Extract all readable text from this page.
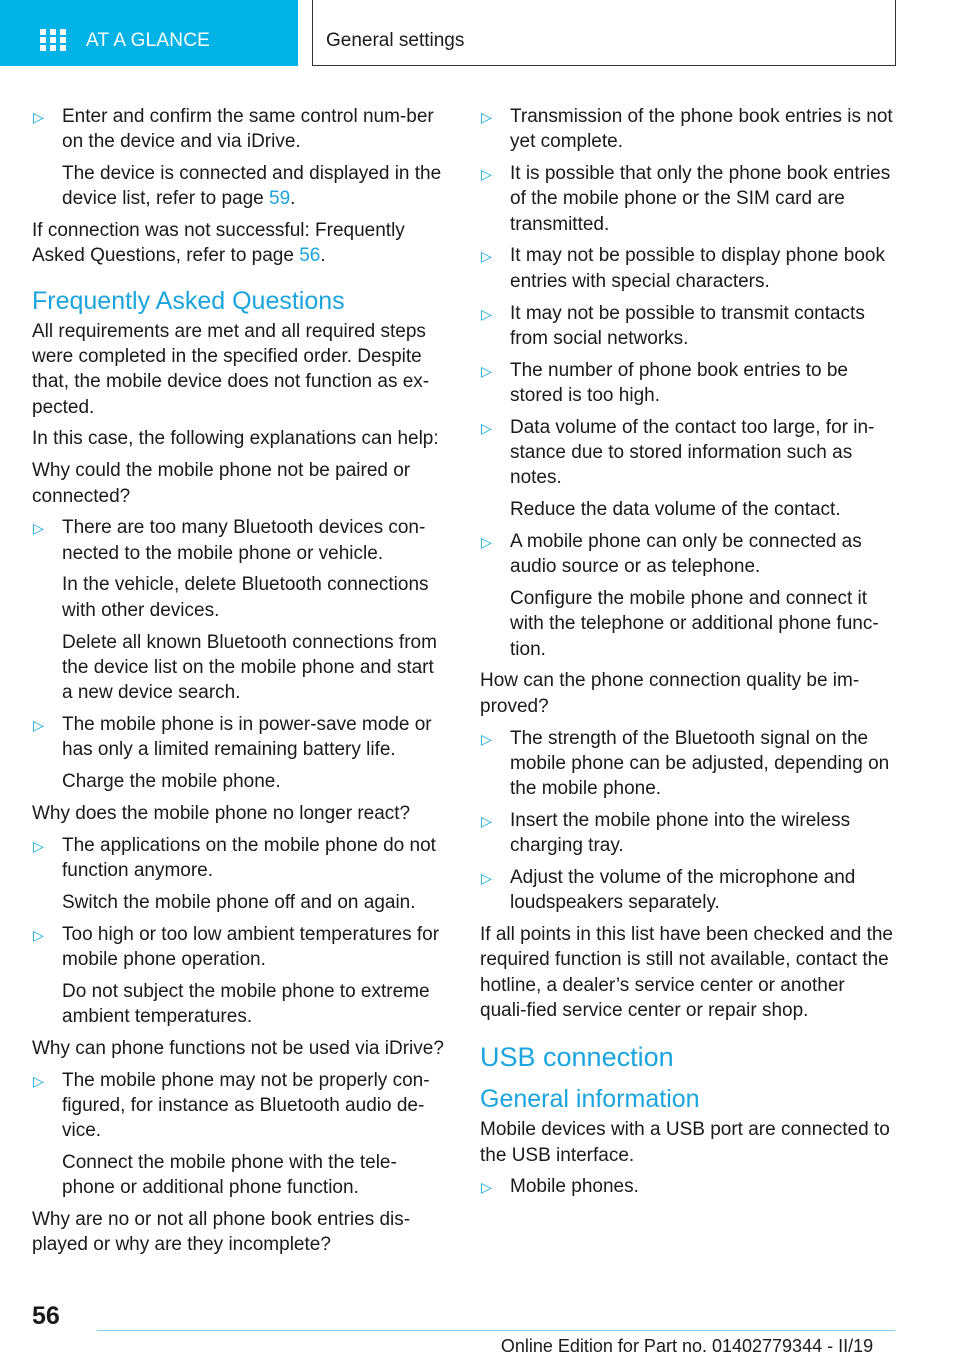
AT A GLANCE	General settings
▷ Enter and confirm the same control num‐ber on the device and via iDrive.
The device is connected and displayed in the device list, refer to page 59.
If connection was not successful: Frequently Asked Questions, refer to page 56.
Frequently Asked Questions
All requirements are met and all required steps were completed in the specified order. Despite that, the mobile device does not function as ex‐pected.
In this case, the following explanations can help:
Why could the mobile phone not be paired or connected?
▷ There are too many Bluetooth devices con‐nected to the mobile phone or vehicle.
In the vehicle, delete Bluetooth connections with other devices.
Delete all known Bluetooth connections from the device list on the mobile phone and start a new device search.
▷ The mobile phone is in power-save mode or has only a limited remaining battery life.
Charge the mobile phone.
Why does the mobile phone no longer react?
▷ The applications on the mobile phone do not function anymore.
Switch the mobile phone off and on again.
▷ Too high or too low ambient temperatures for mobile phone operation.
Do not subject the mobile phone to extreme ambient temperatures.
Why can phone functions not be used via iDrive?
▷ The mobile phone may not be properly con‐figured, for instance as Bluetooth audio de‐vice.
Connect the mobile phone with the tele‐phone or additional phone function.
Why are no or not all phone book entries dis‐played or why are they incomplete?
▷ Transmission of the phone book entries is not yet complete.
▷ It is possible that only the phone book entries of the mobile phone or the SIM card are transmitted.
▷ It may not be possible to display phone book entries with special characters.
▷ It may not be possible to transmit contacts from social networks.
▷ The number of phone book entries to be stored is too high.
▷ Data volume of the contact too large, for in‐stance due to stored information such as notes.
Reduce the data volume of the contact.
▷ A mobile phone can only be connected as audio source or as telephone.
Configure the mobile phone and connect it with the telephone or additional phone func‐tion.
How can the phone connection quality be im‐proved?
▷ The strength of the Bluetooth signal on the mobile phone can be adjusted, depending on the mobile phone.
▷ Insert the mobile phone into the wireless charging tray.
▷ Adjust the volume of the microphone and loudspeakers separately.
If all points in this list have been checked and the required function is still not available, contact the hotline, a dealer’s service center or another quali‐fied service center or repair shop.
USB connection
General information
Mobile devices with a USB port are connected to the USB interface.
▷ Mobile phones.
56
Online Edition for Part no. 01402779344 - II/19
